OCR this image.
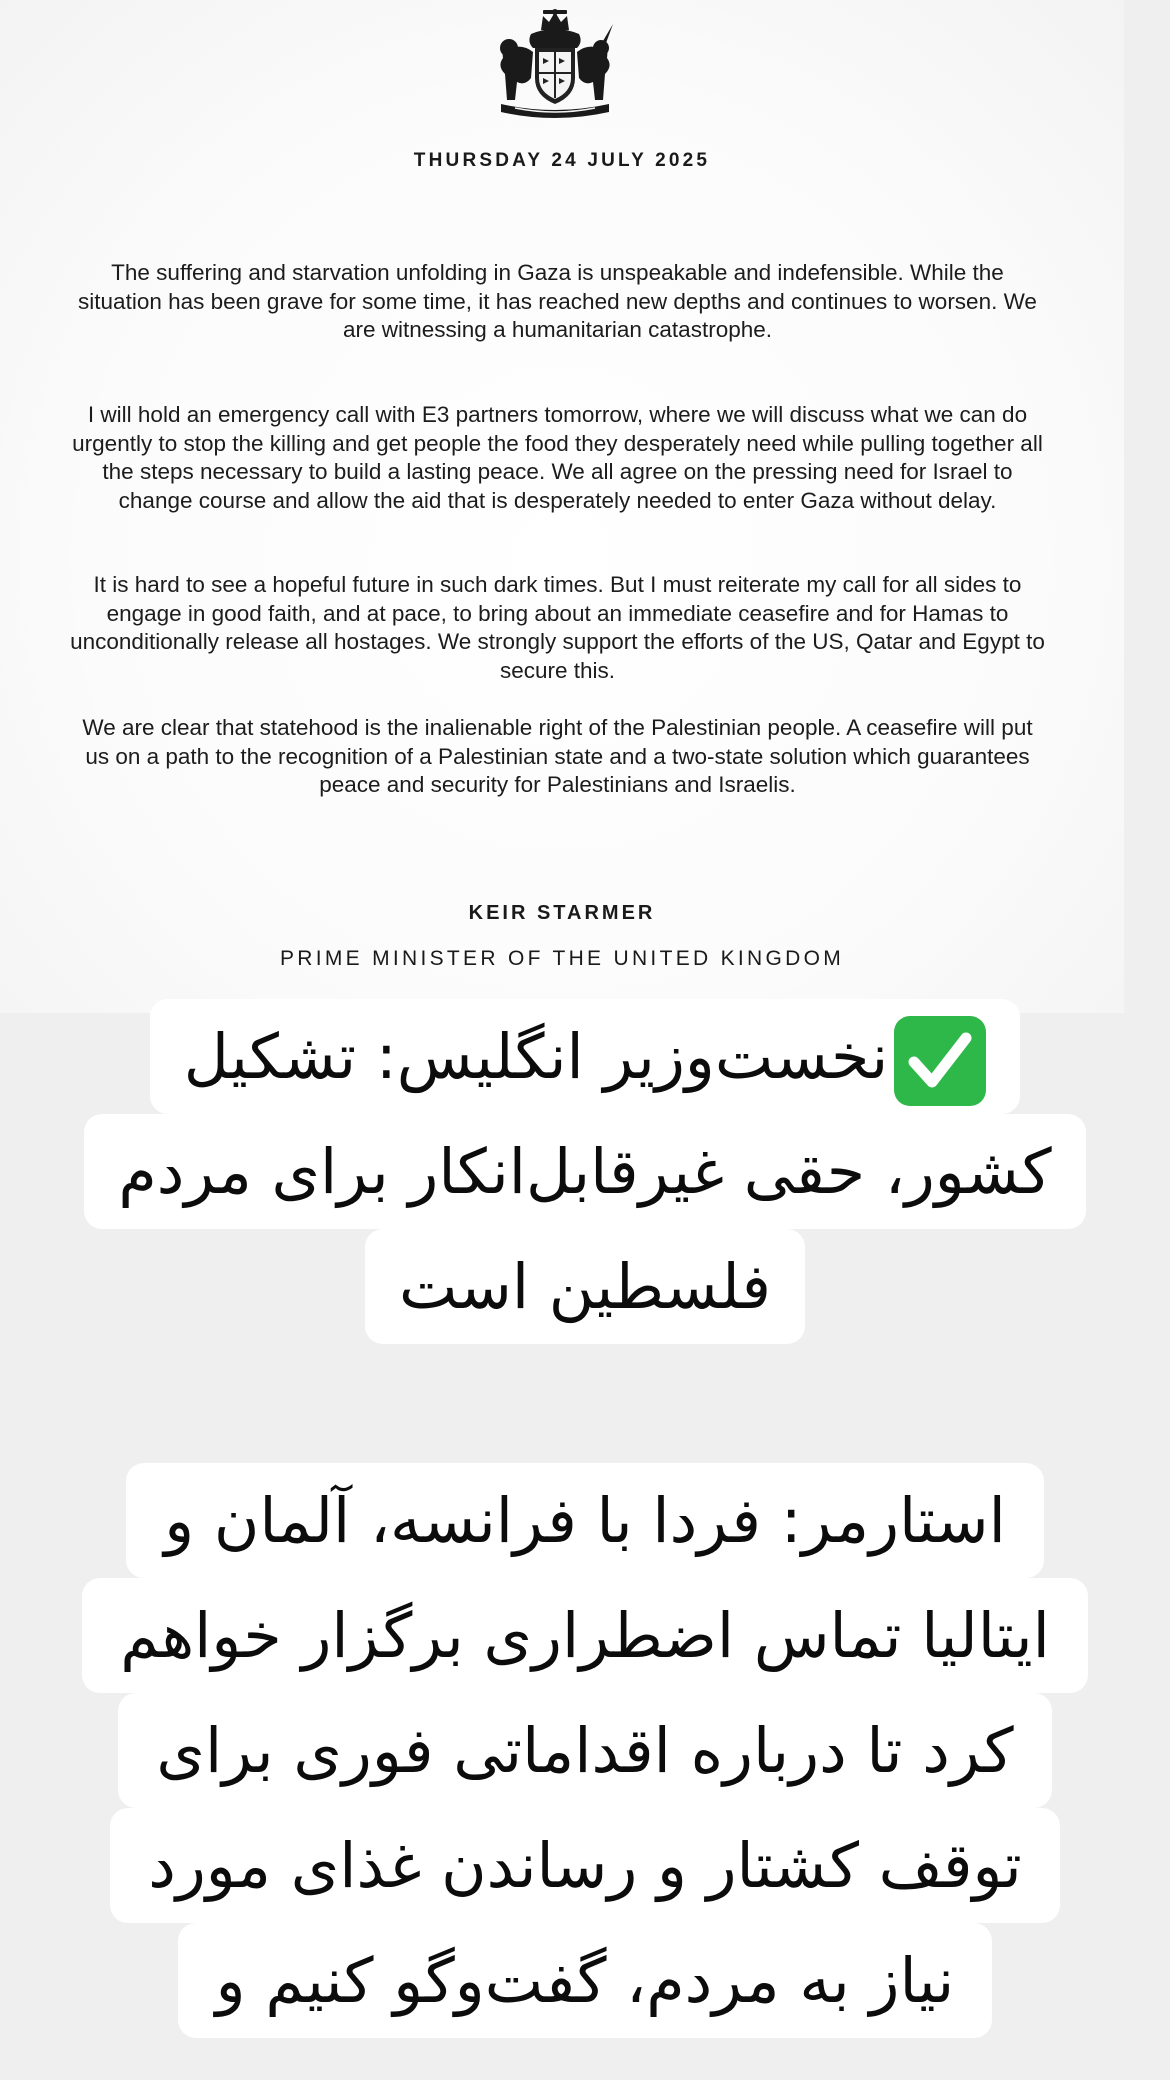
THURSDAY 24 JULY 2025

The suffering and starvation unfolding in Gaza is unspeakable and indefensible. While the situation has been grave for some time, it has reached new depths and continues to worsen. We are witnessing a humanitarian catastrophe.

I will hold an emergency call with E3 partners tomorrow, where we will discuss what we can do urgently to stop the killing and get people the food they desperately need while pulling together all the steps necessary to build a lasting peace. We all agree on the pressing need for Israel to change course and allow the aid that is desperately needed to enter Gaza without delay.

It is hard to see a hopeful future in such dark times. But I must reiterate my call for all sides to engage in good faith, and at pace, to bring about an immediate ceasefire and for Hamas to unconditionally release all hostages. We strongly support the efforts of the US, Qatar and Egypt to secure this.

We are clear that statehood is the inalienable right of the Palestinian people. A ceasefire will put us on a path to the recognition of a Palestinian state and a two-state solution which guarantees peace and security for Palestinians and Israelis.

KEIR STARMER
PRIME MINISTER OF THE UNITED KINGDOM
نخست‌وزیر انگلیس: تشکیل
کشور، حقی غیرقابل‌انکار برای مردم
فلسطین است
استارمر: فردا با فرانسه، آلمان و
ایتالیا تماس اضطراری برگزار خواهم
کرد تا درباره اقداماتی فوری برای
توقف کشتار و رساندن غذای مورد
نیاز به مردم، گفت‌وگو کنیم و
